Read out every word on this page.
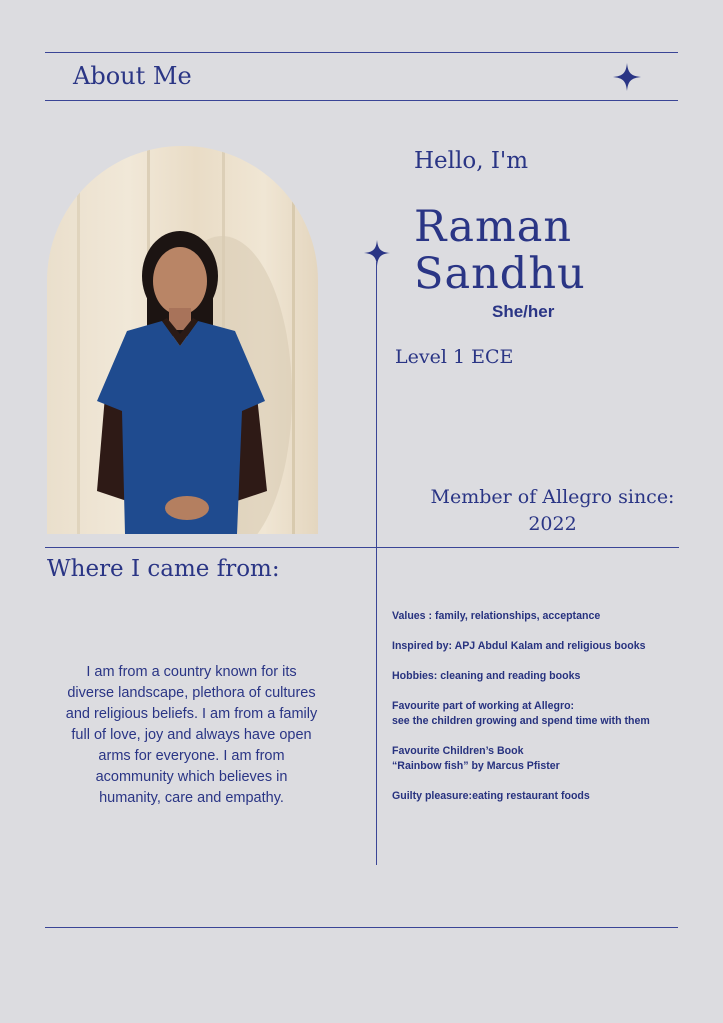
About Me
Hello, I'm
Raman
Sandhu
She/her
Level 1 ECE
Member of Allegro since:
2022
Where I came from:
I am from a country known for its diverse landscape, plethora of cultures and religious beliefs. I am from a family full of love, joy and always have open arms for everyone. I am from acommunity which believes in humanity, care and empathy.
Values : family, relationships, acceptance
Inspired by: APJ Abdul Kalam and religious books
Hobbies: cleaning and reading books
Favourite part of working at Allegro:
see the children growing and spend time with them
Favourite Children’s Book
“Rainbow fish” by Marcus Pfister
Guilty pleasure:eating restaurant foods
